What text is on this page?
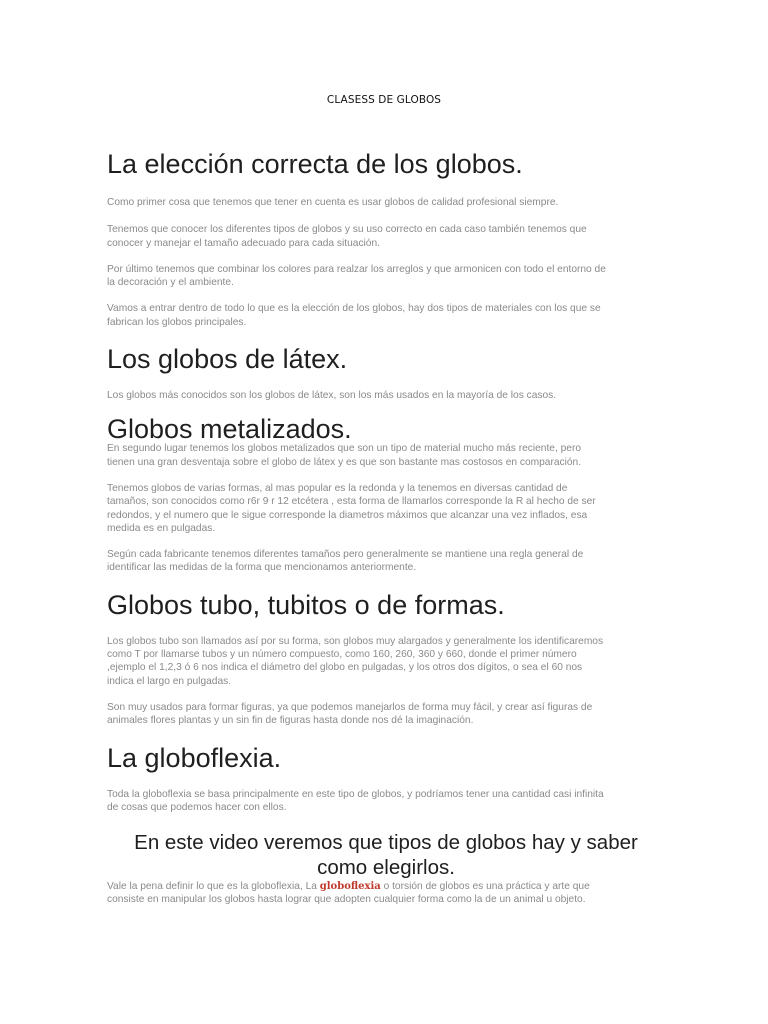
CLASESS DE GLOBOS
La elección correcta de los globos.

Como primer cosa que tenemos que tener en cuenta es usar globos de calidad profesional siempre.

Tenemos que conocer los diferentes tipos de globos y su uso correcto en cada caso también tenemos que
conocer y manejar el tamaño adecuado para cada situación.

Por último tenemos que combinar los colores para realzar los arreglos y que armonicen con todo el entorno de
la decoración y el ambiente.

Vamos a entrar dentro de todo lo que es la elección de los globos, hay dos tipos de materiales con los que se
fabrican los globos principales.

Los globos de látex.

Los globos más conocidos son los globos de látex, son los más usados en la mayoría de los casos.

Globos metalizados.

En segundo lugar tenemos los globos metalizados que son un tipo de material mucho más reciente, pero
tienen una gran desventaja sobre el globo de látex y es que son bastante mas costosos en comparación.

Tenemos globos de varias formas, al mas popular es la redonda y la tenemos en diversas cantidad de
tamaños, son conocidos como r6r 9 r 12 etcétera , esta forma de llamarlos corresponde la R al hecho de ser
redondos, y el numero que le sigue corresponde la diametros máximos que alcanzar una vez inflados, esa
medida es en pulgadas.

Según cada fabricante tenemos diferentes tamaños pero generalmente se mantiene una regla general de
identificar las medidas de la forma que mencionamos anteriormente.

Globos tubo, tubitos o de formas.

Los globos tubo son llamados así por su forma, son globos muy alargados y generalmente los identificaremos
como T por llamarse tubos y un número compuesto, como 160, 260, 360 y 660, donde el primer número
,ejemplo el 1,2,3 ó 6 nos indica el diámetro del globo en pulgadas, y los otros dos dígitos, o sea el 60 nos
indica el largo en pulgadas.

Son muy usados para formar figuras, ya que podemos manejarlos de forma muy fácil, y crear así figuras de
animales flores plantas y un sin fin de figuras hasta donde nos dé la imaginación.

La globoflexia.

Toda la globoflexia se basa principalmente en este tipo de globos, y podríamos tener una cantidad casi infinita
de cosas que podemos hacer con ellos.

En este video veremos que tipos de globos hay y saber
como elegirlos.

Vale la pena definir lo que es la globoflexia, La globoflexia o torsión de globos es una práctica y arte que
consiste en manipular los globos hasta lograr que adopten cualquier forma como la de un animal u objeto.
